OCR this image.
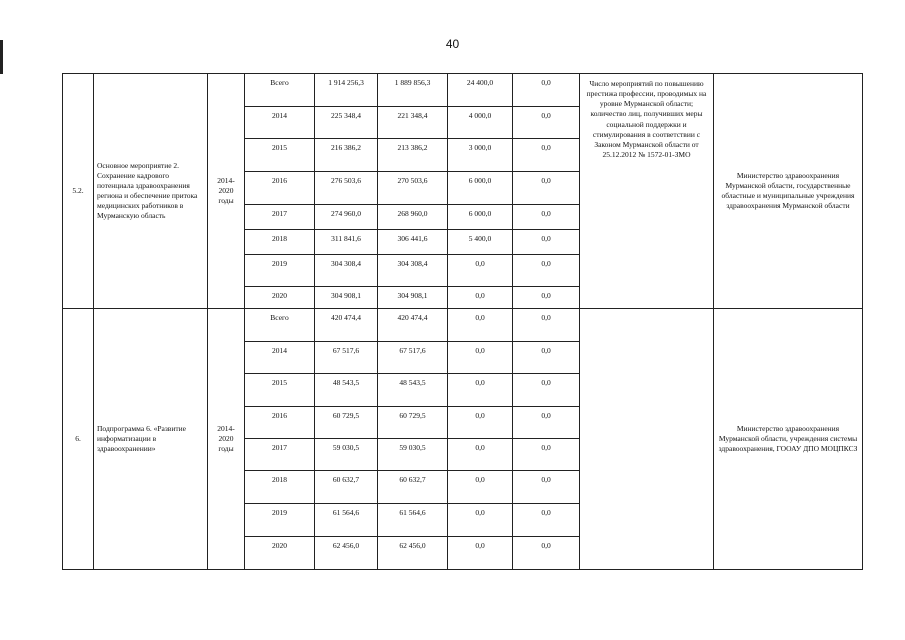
40
5.2.	Основное мероприятие 2. Сохранение кадрового потенциала здравоохранения региона и обеспечение притока медицинских работников в Мурманскую область	2014-2020 годы	Всего	1 914 256,3	1 889 856,3	24 400,0	0,0	Число мероприятий по повышению престижа профессии, проводимых на уровне Мурманской области; количество лиц, получивших меры социальной поддержки и стимулирования в соответствии с Законом Мурманской области от 25.12.2012 № 1572-01-ЗМО	Министерство здравоохранения Мурманской области, государственные областные и муниципальные учреждения здравоохранения Мурманской области
			2014	225 348,4	221 348,4	4 000,0	0,0		
			2015	216 386,2	213 386,2	3 000,0	0,0		
			2016	276 503,6	270 503,6	6 000,0	0,0		
			2017	274 960,0	268 960,0	6 000,0	0,0		
			2018	311 841,6	306 441,6	5 400,0	0,0		
			2019	304 308,4	304 308,4	0,0	0,0		
			2020	304 908,1	304 908,1	0,0	0,0		
6.	Подпрограмма 6. «Развитие информатизации в здравоохранении»	2014-2020 годы	Всего	420 474,4	420 474,4	0,0	0,0		Министерство здравоохранения Мурманской области, учреждения системы здравоохранения, ГООАУ ДПО МОЦПКСЗ
			2014	67 517,6	67 517,6	0,0	0,0		
			2015	48 543,5	48 543,5	0,0	0,0		
			2016	60 729,5	60 729,5	0,0	0,0		
			2017	59 030,5	59 030,5	0,0	0,0		
			2018	60 632,7	60 632,7	0,0	0,0		
			2019	61 564,6	61 564,6	0,0	0,0		
			2020	62 456,0	62 456,0	0,0	0,0		
